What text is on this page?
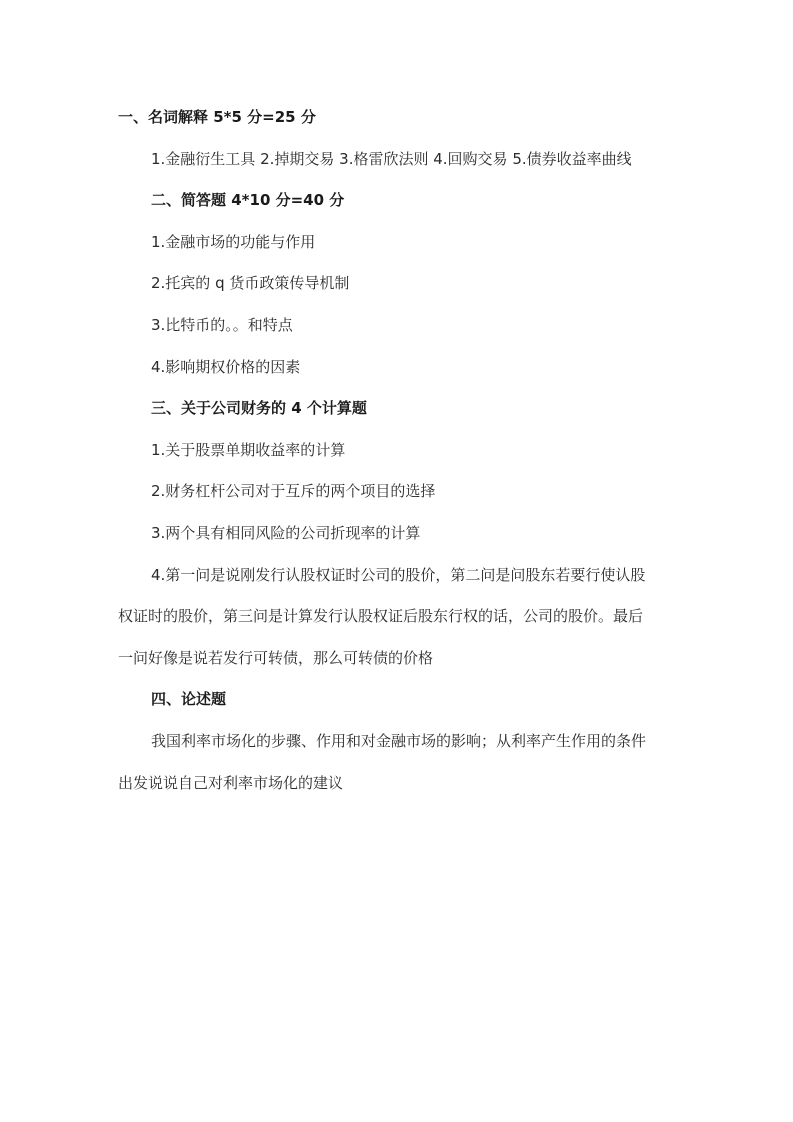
一、名词解释 5*5 分=25 分
1.金融衍生工具 2.掉期交易 3.格雷欣法则 4.回购交易 5.债券收益率曲线
二、简答题 4*10 分=40 分
1.金融市场的功能与作用
2.托宾的 q 货币政策传导机制
3.比特币的。。和特点
4.影响期权价格的因素
三、关于公司财务的 4 个计算题
1.关于股票单期收益率的计算
2.财务杠杆公司对于互斥的两个项目的选择
3.两个具有相同风险的公司折现率的计算
4.第一问是说刚发行认股权证时公司的股价，第二问是问股东若要行使认股
权证时的股价，第三问是计算发行认股权证后股东行权的话，公司的股价。最后
一问好像是说若发行可转债，那么可转债的价格
四、论述题
我国利率市场化的步骤、作用和对金融市场的影响；从利率产生作用的条件
出发说说自己对利率市场化的建议
